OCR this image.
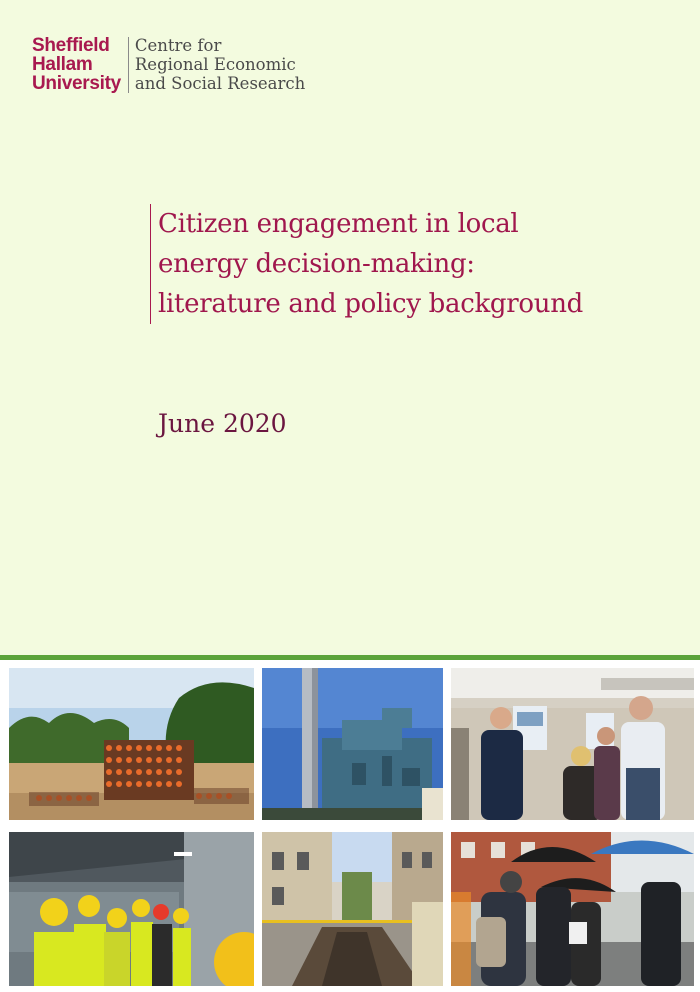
Sheffield
Hallam
University
Centre for
Regional Economic
and Social Research
Citizen engagement in local
energy decision-making:
literature and policy background
June 2020
